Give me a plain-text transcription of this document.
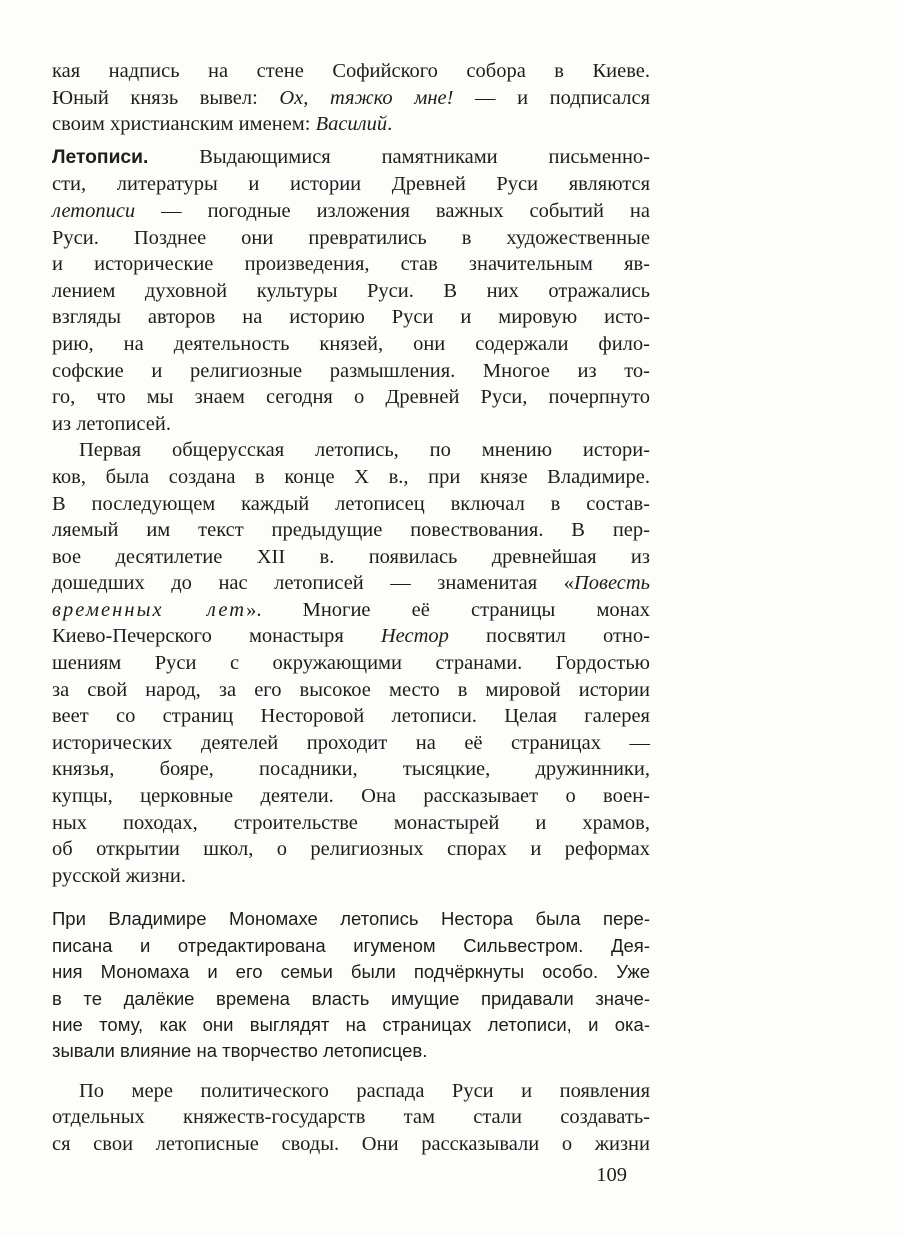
кая надпись на стене Софийского собора в Киеве.
Юный князь вывел: Ох, тяжко мне! — и подписался
своим христианским именем: Василий.
Летописи. Выдающимися памятниками письменно-
сти, литературы и истории Древней Руси являются
летописи — погодные изложения важных событий на
Руси. Позднее они превратились в художественные
и исторические произведения, став значительным яв-
лением духовной культуры Руси. В них отражались
взгляды авторов на историю Руси и мировую исто-
рию, на деятельность князей, они содержали фило-
софские и религиозные размышления. Многое из то-
го, что мы знаем сегодня о Древней Руси, почерпнуто
из летописей.
Первая общерусская летопись, по мнению истори-
ков, была создана в конце X в., при князе Владимире.
В последующем каждый летописец включал в состав-
ляемый им текст предыдущие повествования. В пер-
вое десятилетие XII в. появилась древнейшая из
дошедших до нас летописей — знаменитая «Повесть
временных лет». Многие её страницы монах
Киево-Печерского монастыря Нестор посвятил отно-
шениям Руси с окружающими странами. Гордостью
за свой народ, за его высокое место в мировой истории
веет со страниц Несторовой летописи. Целая галерея
исторических деятелей проходит на её страницах —
князья, бояре, посадники, тысяцкие, дружинники,
купцы, церковные деятели. Она рассказывает о воен-
ных походах, строительстве монастырей и храмов,
об открытии школ, о религиозных спорах и реформах
русской жизни.
При Владимире Мономахе летопись Нестора была пере-
писана и отредактирована игуменом Сильвестром. Дея-
ния Мономаха и его семьи были подчёркнуты особо. Уже
в те далёкие времена власть имущие придавали значе-
ние тому, как они выглядят на страницах летописи, и ока-
зывали влияние на творчество летописцев.
По мере политического распада Руси и появления
отдельных княжеств-государств там стали создавать-
ся свои летописные своды. Они рассказывали о жизни
109
